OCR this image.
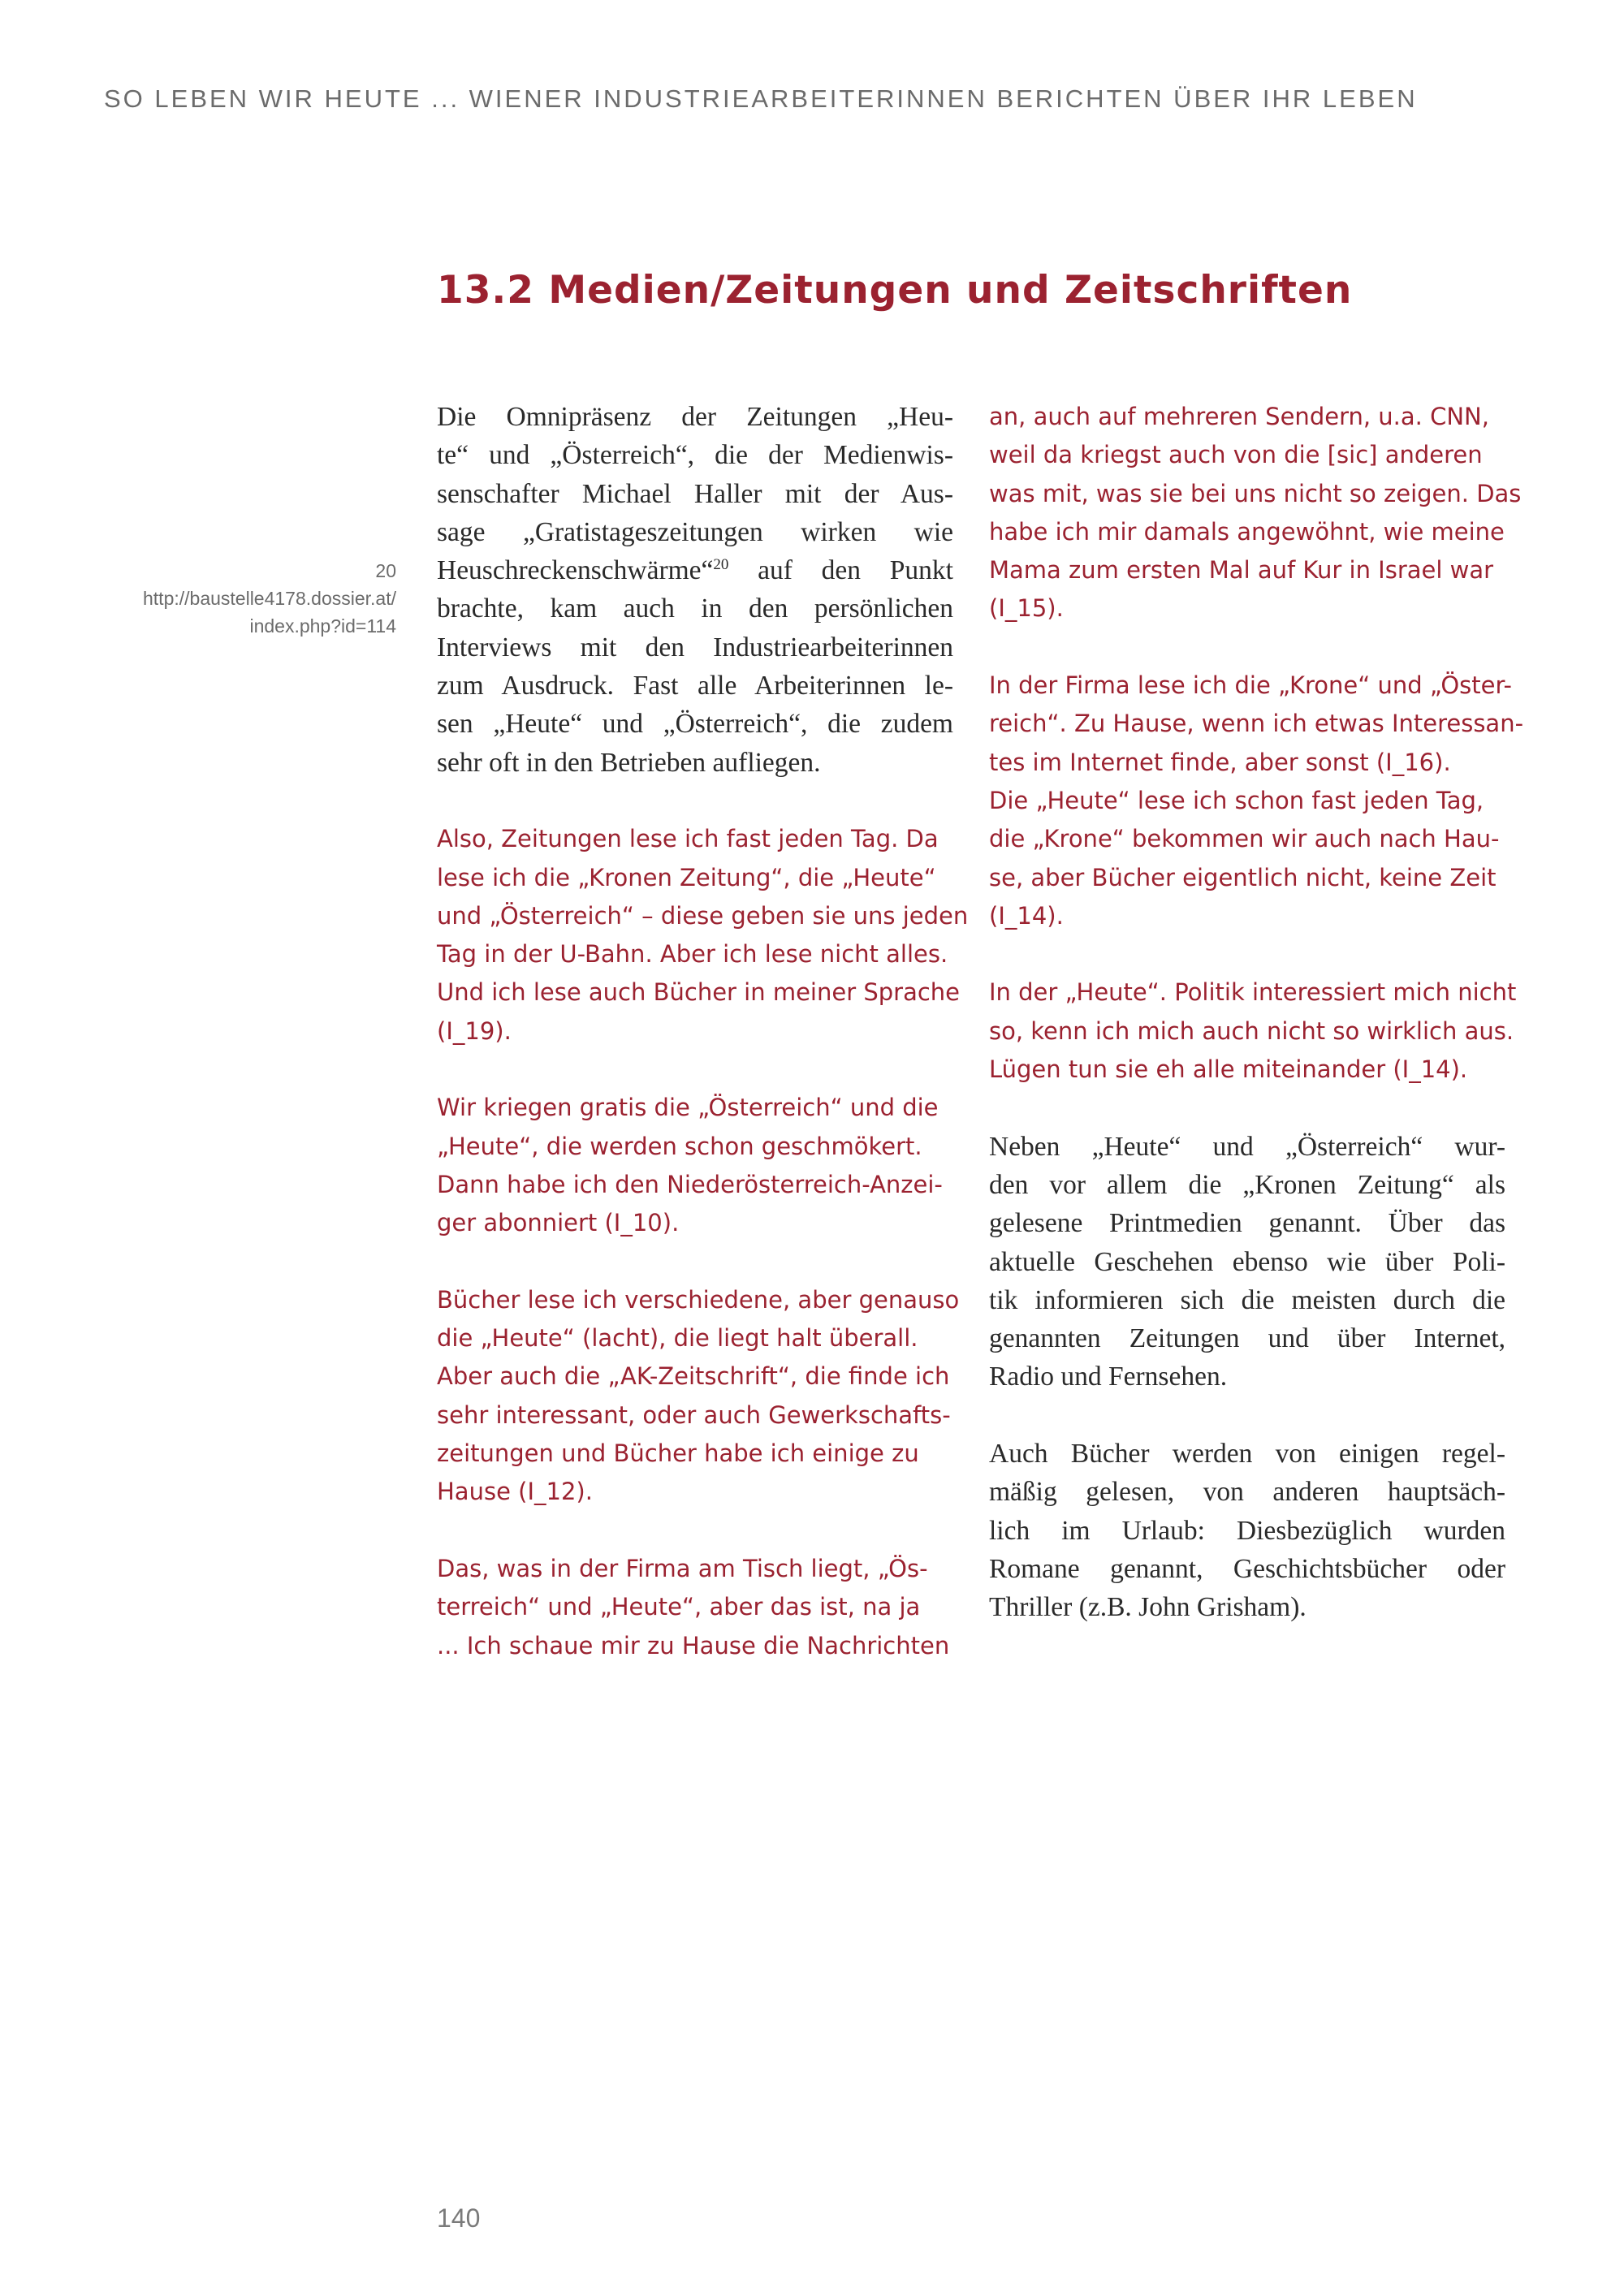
SO LEBEN WIR HEUTE ... WIENER INDUSTRIEARBEITERINNEN BERICHTEN ÜBER IHR LEBEN
13.2 Medien/Zeitungen und Zeitschriften
20
http://baustelle4178.dossier.at/
index.php?id=114
Die Omnipräsenz der Zeitungen „Heu-
te“ und „Österreich“, die der Medienwis-
senschafter Michael Haller mit der Aus-
sage „Gratistageszeitungen wirken wie
Heuschreckenschwärme“$^{20}$ auf den Punkt
brachte, kam auch in den persönlichen
Interviews mit den Industriearbeiterinnen
zum Ausdruck. Fast alle Arbeiterinnen le-
sen „Heute“ und „Österreich“, die zudem
sehr oft in den Betrieben aufliegen.
Also, Zeitungen lese ich fast jeden Tag. Da
lese ich die „Kronen Zeitung“, die „Heute“
und „Österreich“ – diese geben sie uns jeden
Tag in der U-Bahn. Aber ich lese nicht alles.
Und ich lese auch Bücher in meiner Sprache
(I_19).
Wir kriegen gratis die „Österreich“ und die
„Heute“, die werden schon geschmökert.
Dann habe ich den Niederösterreich-Anzei-
ger abonniert (I_10).
Bücher lese ich verschiedene, aber genauso
die „Heute“ (lacht), die liegt halt überall.
Aber auch die „AK-Zeitschrift“, die finde ich
sehr interessant, oder auch Gewerkschafts-
zeitungen und Bücher habe ich einige zu
Hause (I_12).
Das, was in der Firma am Tisch liegt, „Ös-
terreich“ und „Heute“, aber das ist, na ja
... Ich schaue mir zu Hause die Nachrichten
an, auch auf mehreren Sendern, u.a. CNN,
weil da kriegst auch von die [sic] anderen
was mit, was sie bei uns nicht so zeigen. Das
habe ich mir damals angewöhnt, wie meine
Mama zum ersten Mal auf Kur in Israel war
(I_15).
In der Firma lese ich die „Krone“ und „Öster-
reich“. Zu Hause, wenn ich etwas Interessan-
tes im Internet finde, aber sonst (I_16).
Die „Heute“ lese ich schon fast jeden Tag,
die „Krone“ bekommen wir auch nach Hau-
se, aber Bücher eigentlich nicht, keine Zeit
(I_14).
In der „Heute“. Politik interessiert mich nicht
so, kenn ich mich auch nicht so wirklich aus.
Lügen tun sie eh alle miteinander (I_14).
Neben „Heute“ und „Österreich“ wur-
den vor allem die „Kronen Zeitung“ als
gelesene Printmedien genannt. Über das
aktuelle Geschehen ebenso wie über Poli-
tik informieren sich die meisten durch die
genannten Zeitungen und über Internet,
Radio und Fernsehen.
Auch Bücher werden von einigen regel-
mäßig gelesen, von anderen hauptsäch-
lich im Urlaub: Diesbezüglich wurden
Romane genannt, Geschichtsbücher oder
Thriller (z.B. John Grisham).
140
